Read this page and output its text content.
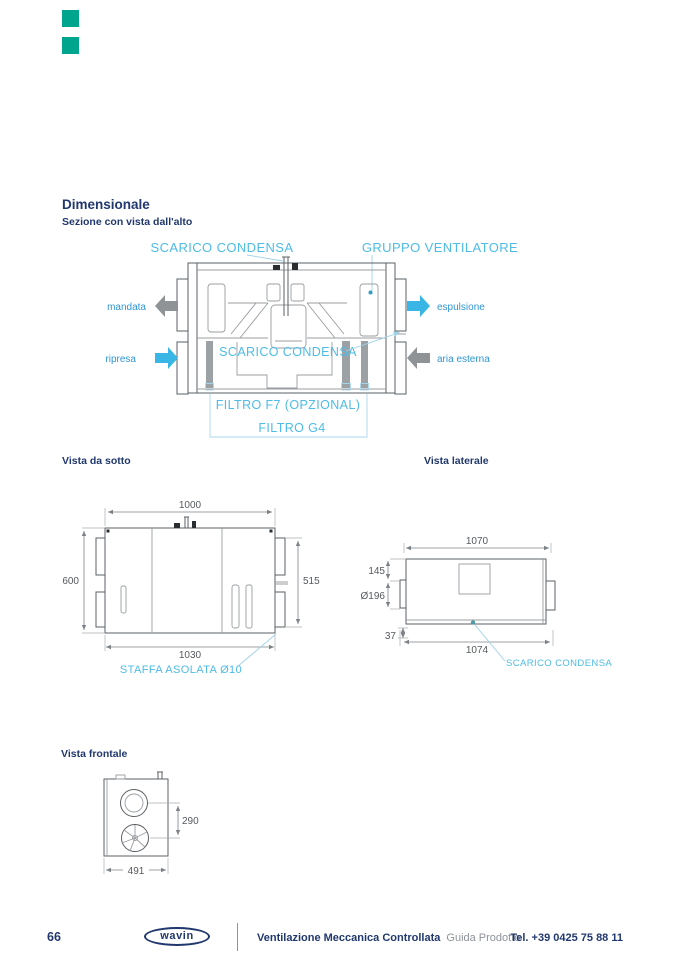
Dimensionale
Sezione con vista dall'alto
SCARICO CONDENSA	GRUPPO VENTILATORE
mandata	espulsione
ripresa	aria esterna
SCARICO CONDENSA
FILTRO F7 (OPZIONAL)
FILTRO G4
Vista da sotto
1000
600	515
1030
STAFFA ASOLATA Ø10
Vista laterale
1070
145
Ø196
37
1074
SCARICO CONDENSA
Vista frontale
290
491
66	wavin	Ventilazione Meccanica Controllata Guida Prodotto
Tel. +39 0425 75 88 11
